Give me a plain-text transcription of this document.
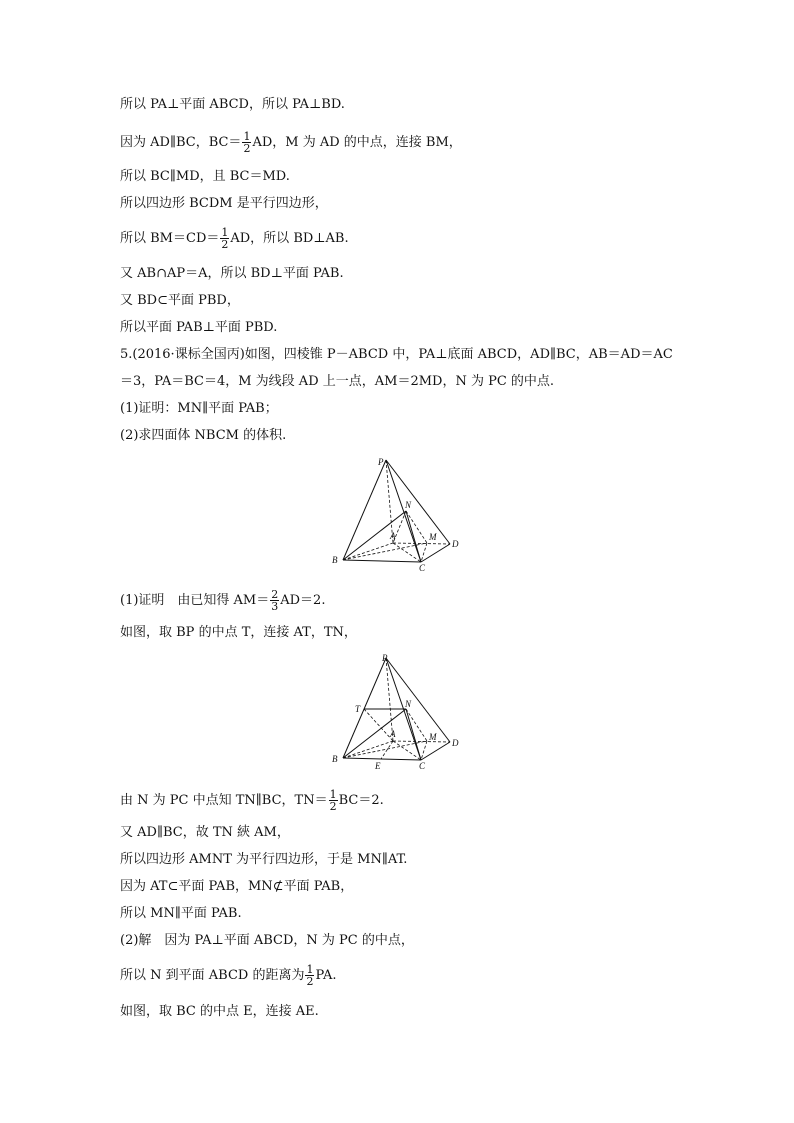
所以 PA⊥平面 ABCD，所以 PA⊥BD.
因为 AD∥BC，$BC= \frac{1}{2}$ AD，M 为 AD 的中点，连接 BM，
所以 BC∥MD，且 BC＝MD.
所以四边形 BCDM 是平行四边形，
所以 $BM=CD= \frac{1}{2}$ AD，所以 BD⊥AB.
又 AB∩AP＝A，所以 BD⊥平面 PAB.
又 BD⊂平面 PBD，
所以平面 PAB⊥平面 PBD.
5.(2016·课标全国丙)如图，四棱锥 P－ABCD 中，PA⊥底面 ABCD，AD∥BC，AB＝AD＝AC
＝3，PA＝BC＝4，M 为线段 AD 上一点，AM＝2MD，N 为 PC 的中点.
(1)证明：MN∥平面 PAB；
(2)求四面体 NBCM 的体积.
P
N
A	M
D
B
C
(1)证明　由已知得 $AM= \frac{2}{3} AD=2$.
如图，取 BP 的中点 T，连接 AT，TN，
P
T	N
A	M
D
B
E	C
由 N 为 PC 中点知 TN∥BC，$TN= \frac{1}{2} BC=2$.
又 AD∥BC，故 TN 綊 AM，
所以四边形 AMNT 为平行四边形，于是 MN∥AT.
因为 AT⊂平面 PAB，MN⊄平面 PAB，
所以 MN∥平面 PAB.
(2)解　因为 PA⊥平面 ABCD，N 为 PC 的中点，
所以 N 到平面 ABCD 的距离为 $\frac{1}{2}$ PA.
如图，取 BC 的中点 E，连接 AE.
